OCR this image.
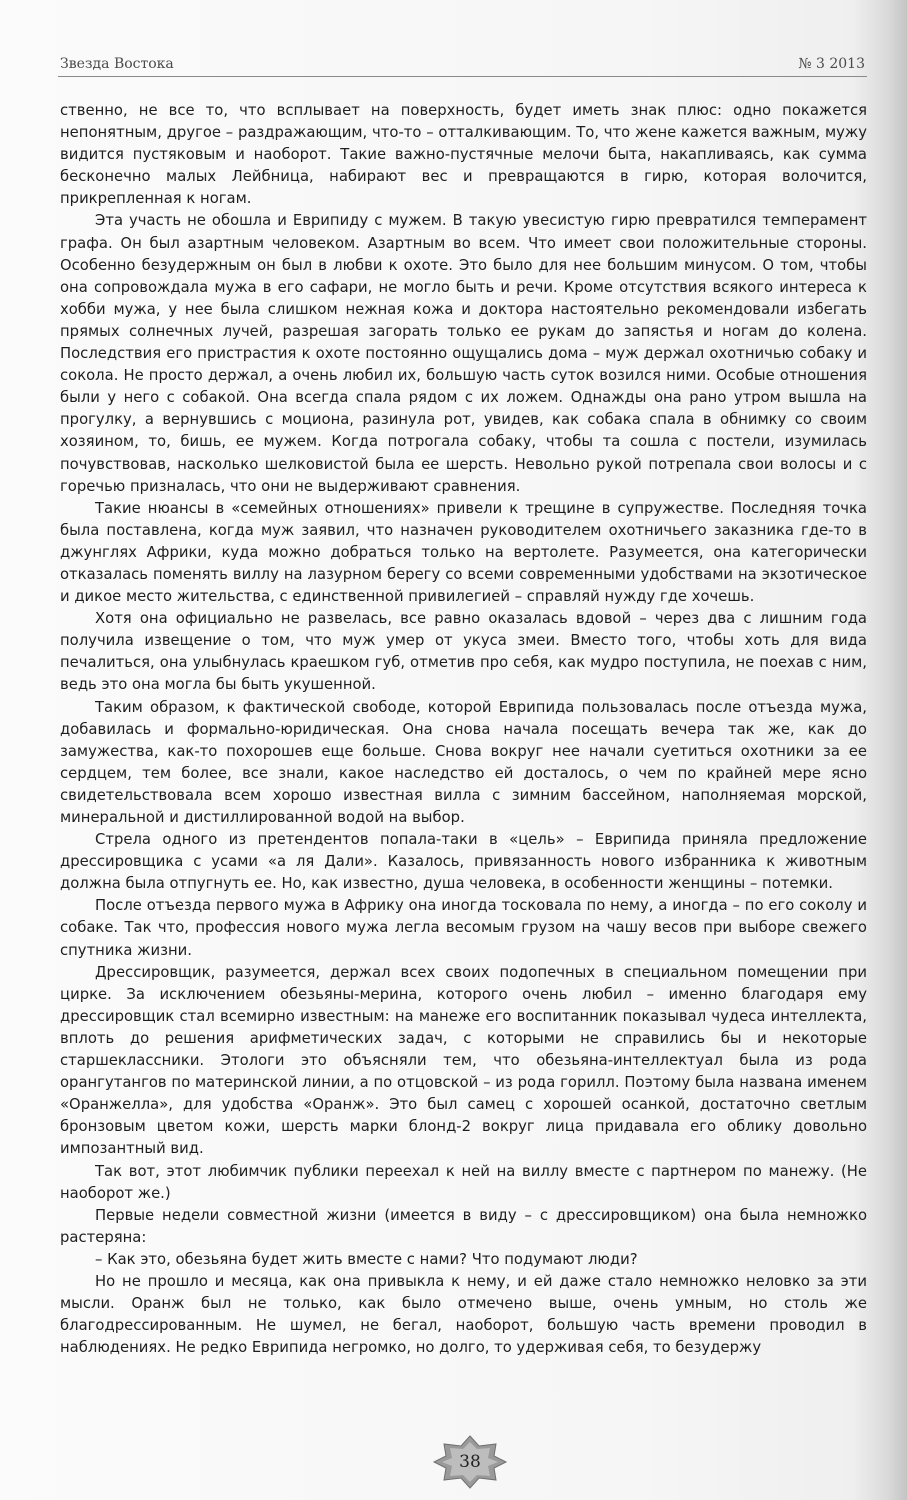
Звезда Востока	№ 3 2013

ственно, не все то, что всплывает на поверхность, будет иметь знак плюс: одно покажется непонятным, другое – раздражающим, что-то – отталкивающим. То, что жене кажется важным, мужу видится пустяковым и наоборот. Такие важно-пустячные мелочи быта, накапливаясь, как сумма бесконечно малых Лейбница, набирают вес и превращаются в гирю, которая волочится, прикрепленная к ногам.

Эта участь не обошла и Еврипиду с мужем. В такую увесистую гирю превратился темперамент графа. Он был азартным человеком. Азартным во всем. Что имеет свои положительные стороны. Особенно безудержным он был в любви к охоте. Это было для нее большим минусом. О том, чтобы она сопровождала мужа в его сафари, не могло быть и речи. Кроме отсутствия всякого интереса к хобби мужа, у нее была слишком нежная кожа и доктора настоятельно рекомендовали избегать прямых солнечных лучей, разрешая загорать только ее рукам до запястья и ногам до колена. Последствия его пристрастия к охоте постоянно ощущались дома – муж держал охотничью собаку и сокола. Не просто держал, а очень любил их, большую часть суток возился ними. Особые отношения были у него с собакой. Она всегда спала рядом с их ложем. Однажды она рано утром вышла на прогулку, а вернувшись с моциона, разинула рот, увидев, как собака спала в обнимку со своим хозяином, то, бишь, ее мужем. Когда потрогала собаку, чтобы та сошла с постели, изумилась почувствовав, насколько шелковистой была ее шерсть. Невольно рукой потрепала свои волосы и с горечью призналась, что они не выдерживают сравнения.

Такие нюансы в «семейных отношениях» привели к трещине в супружестве. Последняя точка была поставлена, когда муж заявил, что назначен руководителем охотничьего заказника где-то в джунглях Африки, куда можно добраться только на вертолете. Разумеется, она категорически отказалась поменять виллу на лазурном берегу со всеми современными удобствами на экзотическое и дикое место жительства, с единственной привилегией – справляй нужду где хочешь.

Хотя она официально не развелась, все равно оказалась вдовой – через два с лишним года получила извещение о том, что муж умер от укуса змеи. Вместо того, чтобы хоть для вида печалиться, она улыбнулась краешком губ, отметив про себя, как мудро поступила, не поехав с ним, ведь это она могла бы быть укушенной.

Таким образом, к фактической свободе, которой Еврипида пользовалась после отъезда мужа, добавилась и формально-юридическая. Она снова начала посещать вечера так же, как до замужества, как-то похорошев еще больше. Снова вокруг нее начали суетиться охотники за ее сердцем, тем более, все знали, какое наследство ей досталось, о чем по крайней мере ясно свидетельствовала всем хорошо известная вилла с зимним бассейном, наполняемая морской, минеральной и дистиллированной водой на выбор.

Стрела одного из претендентов попала-таки в «цель» – Еврипида приняла предложение дрессировщика с усами «а ля Дали». Казалось, привязанность нового избранника к животным должна была отпугнуть ее. Но, как известно, душа человека, в особенности женщины – потемки.

После отъезда первого мужа в Африку она иногда тосковала по нему, а иногда – по его соколу и собаке. Так что, профессия нового мужа легла весомым грузом на чашу весов при выборе свежего спутника жизни.

Дрессировщик, разумеется, держал всех своих подопечных в специальном помещении при цирке. За исключением обезьяны-мерина, которого очень любил – именно благодаря ему дрессировщик стал всемирно известным: на манеже его воспитанник показывал чудеса интеллекта, вплоть до решения арифметических задач, с которыми не справились бы и некоторые старшеклассники. Этологи это объясняли тем, что обезьяна-интеллектуал была из рода орангутангов по материнской линии, а по отцовской – из рода горилл. Поэтому была названа именем «Оранжелла», для удобства «Оранж». Это был самец с хорошей осанкой, достаточно светлым бронзовым цветом кожи, шерсть марки блонд-2 вокруг лица придавала его облику довольно импозантный вид.

Так вот, этот любимчик публики переехал к ней на виллу вместе с партнером по манежу. (Не наоборот же.)

Первые недели совместной жизни (имеется в виду – с дрессировщиком) она была немножко растеряна:

– Как это, обезьяна будет жить вместе с нами? Что подумают люди?

Но не прошло и месяца, как она привыкла к нему, и ей даже стало немножко неловко за эти мысли. Оранж был не только, как было отмечено выше, очень умным, но столь же благодрессированным. Не шумел, не бегал, наоборот, большую часть времени проводил в наблюдениях. Не редко Еврипида негромко, но долго, то удерживая себя, то безудержу

38
